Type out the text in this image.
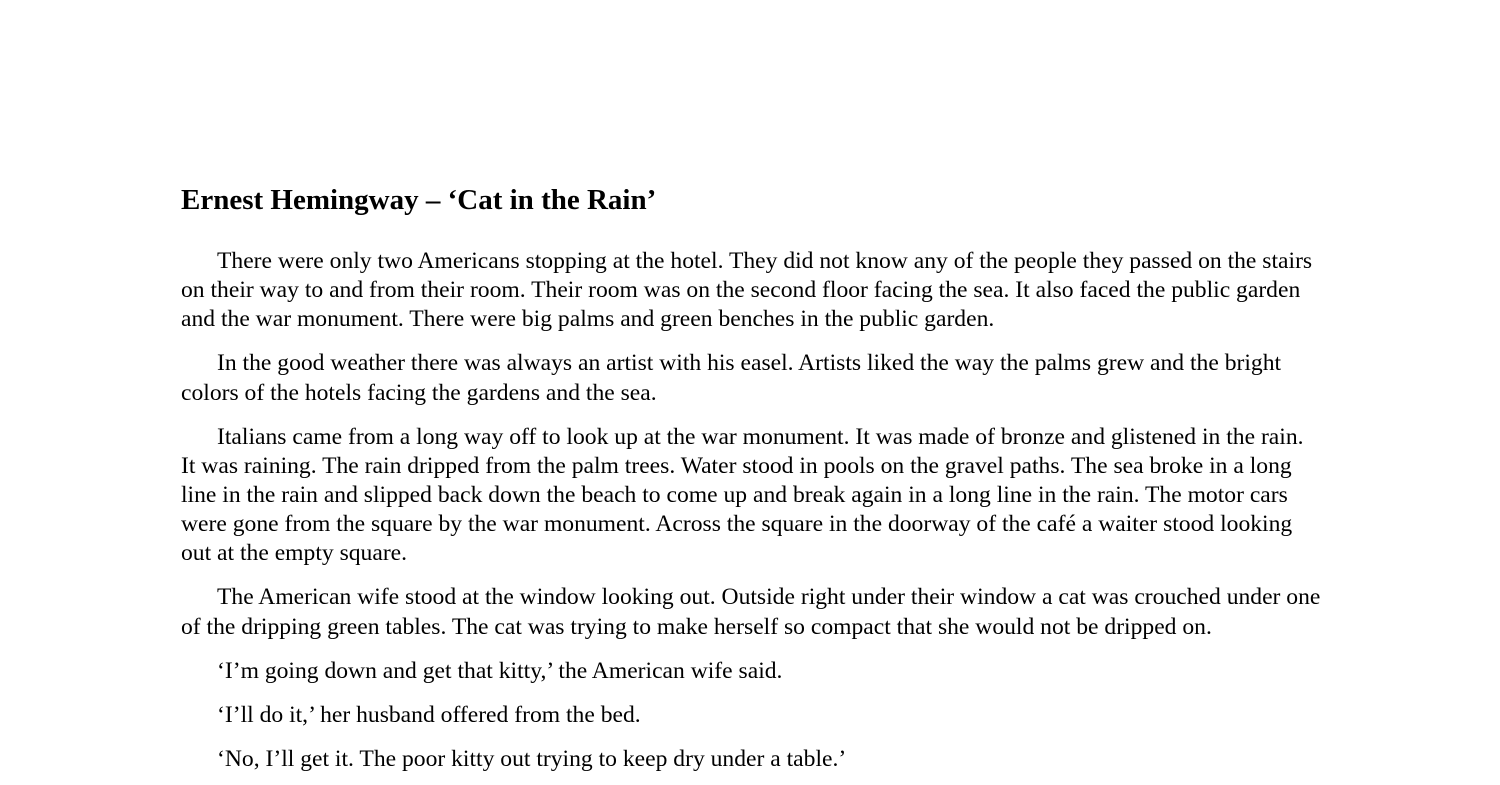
Ernest Hemingway – ‘Cat in the Rain’

There were only two Americans stopping at the hotel. They did not know any of the people they passed on the stairs on their way to and from their room. Their room was on the second floor facing the sea. It also faced the public garden and the war monument. There were big palms and green benches in the public garden.

In the good weather there was always an artist with his easel. Artists liked the way the palms grew and the bright colors of the hotels facing the gardens and the sea.

Italians came from a long way off to look up at the war monument. It was made of bronze and glistened in the rain. It was raining. The rain dripped from the palm trees. Water stood in pools on the gravel paths. The sea broke in a long line in the rain and slipped back down the beach to come up and break again in a long line in the rain. The motor cars were gone from the square by the war monument. Across the square in the doorway of the café a waiter stood looking out at the empty square.

The American wife stood at the window looking out. Outside right under their window a cat was crouched under one of the dripping green tables. The cat was trying to make herself so compact that she would not be dripped on.

‘I’m going down and get that kitty,’ the American wife said.

‘I’ll do it,’ her husband offered from the bed.

‘No, I’ll get it. The poor kitty out trying to keep dry under a table.’
